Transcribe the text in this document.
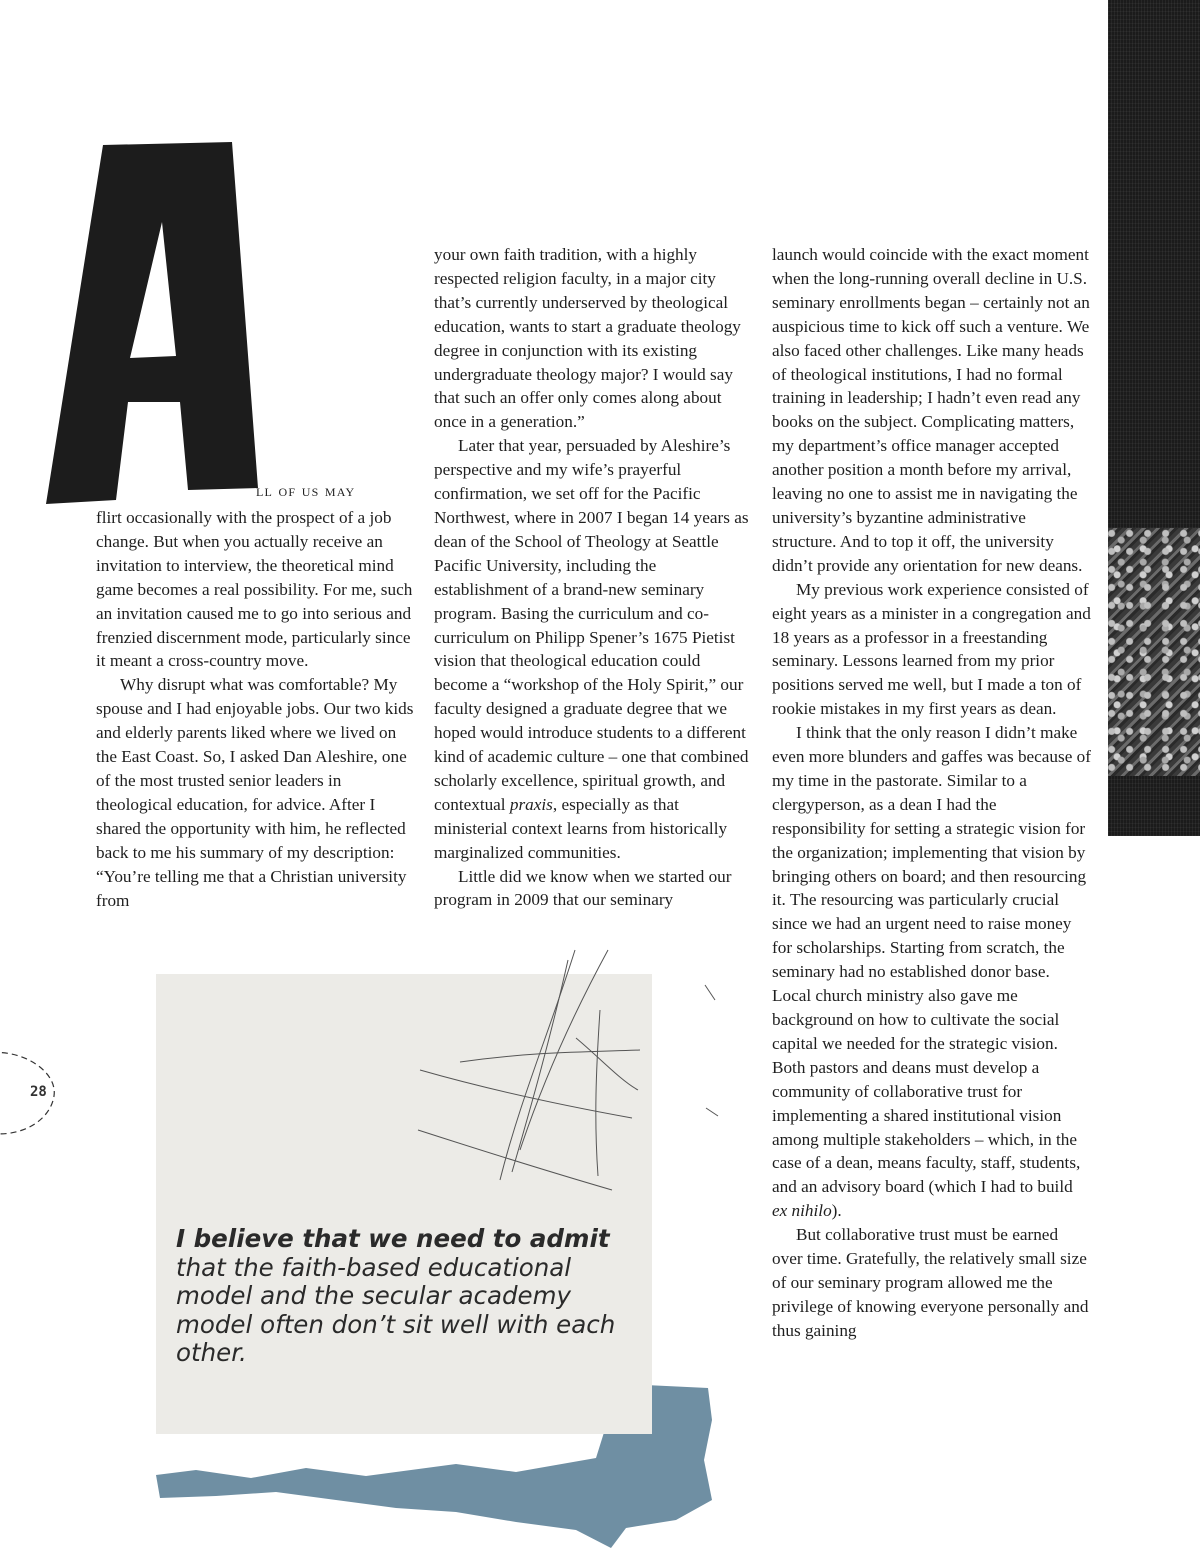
ll of us may

flirt occasionally with the prospect of a job change. But when you actually receive an invitation to interview, the theoretical mind game becomes a real possibility. For me, such an invitation caused me to go into serious and frenzied discernment mode, particularly since it meant a cross-country move.

Why disrupt what was comfortable? My spouse and I had enjoyable jobs. Our two kids and elderly parents liked where we lived on the East Coast. So, I asked Dan Aleshire, one of the most trusted senior leaders in theological education, for advice. After I shared the opportunity with him, he reflected back to me his summary of my description: “You’re telling me that a Christian university from

your own faith tradition, with a highly respected religion faculty, in a major city that’s currently underserved by theological education, wants to start a graduate theology degree in conjunction with its existing undergraduate theology major? I would say that such an offer only comes along about once in a generation.”

Later that year, persuaded by Aleshire’s perspective and my wife’s prayerful confirmation, we set off for the Pacific Northwest, where in 2007 I began 14 years as dean of the School of Theology at Seattle Pacific University, including the establishment of a brand-new seminary program. Basing the curriculum and co-curriculum on Philipp Spener’s 1675 Pietist vision that theological education could become a “workshop of the Holy Spirit,” our faculty designed a graduate degree that we hoped would introduce students to a different kind of academic culture – one that combined scholarly excellence, spiritual growth, and contextual praxis, especially as that ministerial context learns from historically marginalized communities.

Little did we know when we started our program in 2009 that our seminary

launch would coincide with the exact moment when the long-running overall decline in U.S. seminary enrollments began – certainly not an auspicious time to kick off such a venture. We also faced other challenges. Like many heads of theological institutions, I had no formal training in leadership; I hadn’t even read any books on the subject. Complicating matters, my department’s office manager accepted another position a month before my arrival, leaving no one to assist me in navigating the university’s byzantine administrative structure. And to top it off, the university didn’t provide any orientation for new deans.

My previous work experience consisted of eight years as a minister in a congregation and 18 years as a professor in a freestanding seminary. Lessons learned from my prior positions served me well, but I made a ton of rookie mistakes in my first years as dean.

I think that the only reason I didn’t make even more blunders and gaffes was because of my time in the pastorate. Similar to a clergyperson, as a dean I had the responsibility for setting a strategic vision for the organization; implementing that vision by bringing others on board; and then resourcing it. The resourcing was particularly crucial since we had an urgent need to raise money for scholarships. Starting from scratch, the seminary had no established donor base. Local church ministry also gave me background on how to cultivate the social capital we needed for the strategic vision. Both pastors and deans must develop a community of collaborative trust for implementing a shared institutional vision among multiple stakeholders – which, in the case of a dean, means faculty, staff, students, and an advisory board (which I had to build ex nihilo).

But collaborative trust must be earned over time. Gratefully, the relatively small size of our seminary program allowed me the privilege of knowing everyone personally and thus gaining

28
I believe that we need to admit that the faith-based educational model and the secular academy model often don’t sit well with each other.
